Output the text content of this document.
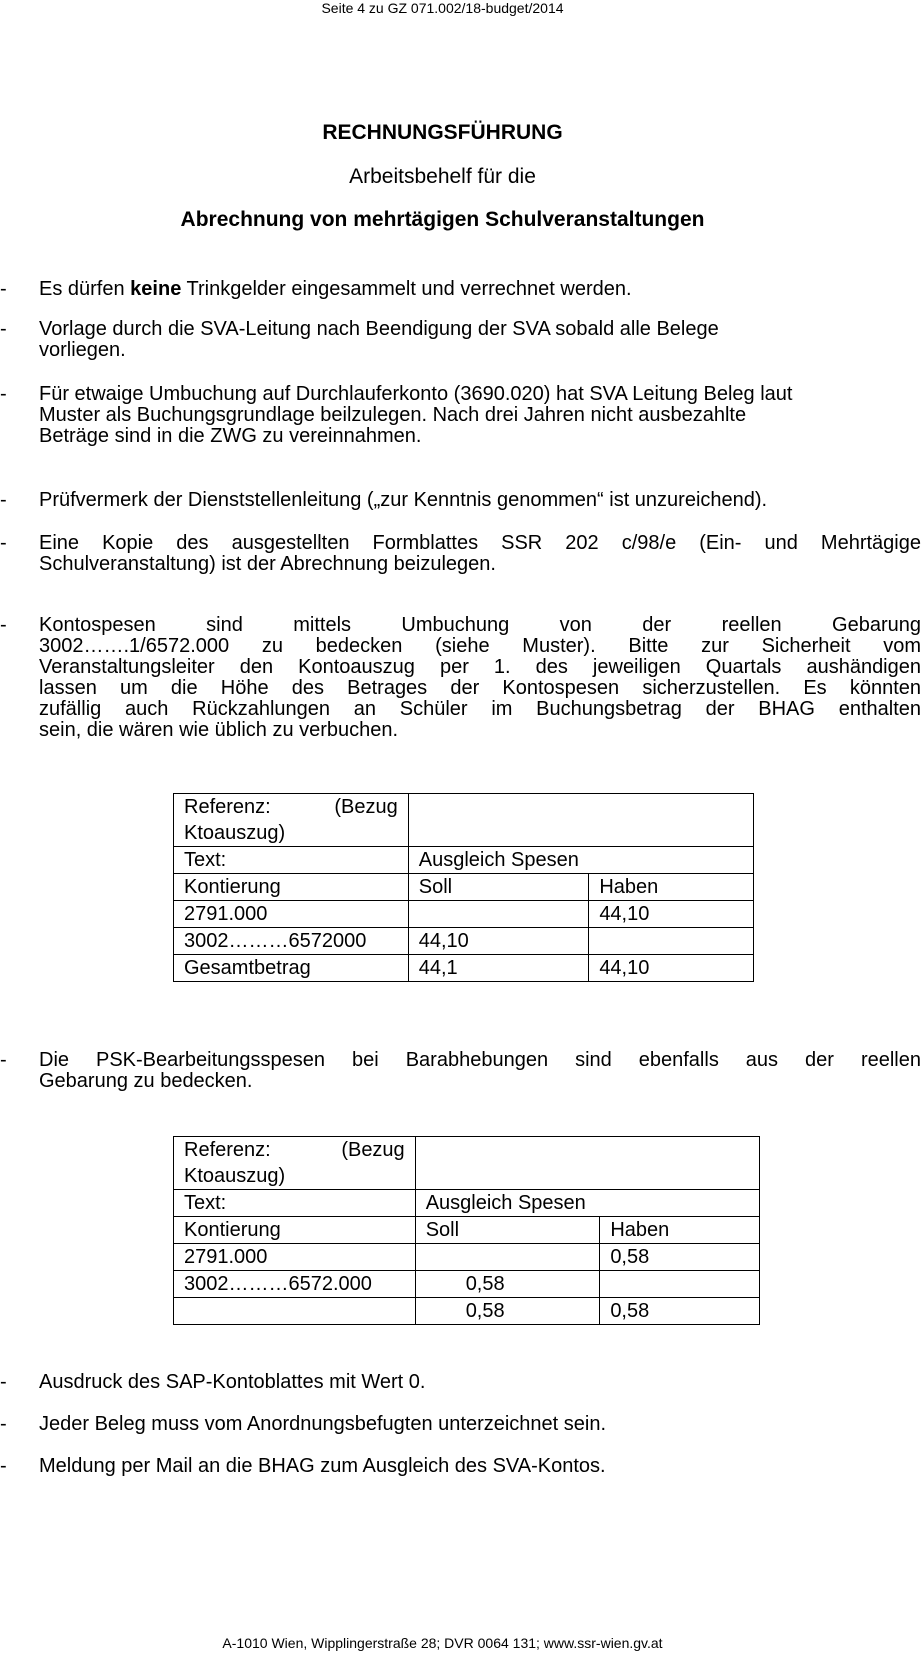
Seite 4 zu GZ 071.002/18-budget/2014
RECHNUNGSFÜHRUNG
Arbeitsbehelf für die
Abrechnung von mehrtägigen Schulveranstaltungen
- Es dürfen keine Trinkgelder eingesammelt und verrechnet werden.
- Vorlage durch die SVA-Leitung nach Beendigung der SVA sobald alle Belege
vorliegen.
- Für etwaige Umbuchung auf Durchlauferkonto (3690.020) hat SVA Leitung Beleg laut
Muster als Buchungsgrundlage beilzulegen. Nach drei Jahren nicht ausbezahlte
Beträge sind in die ZWG zu vereinnahmen.
- Prüfvermerk der Dienststellenleitung („zur Kenntnis genommen“ ist unzureichend).
- Eine Kopie des ausgestellten Formblattes SSR 202 c/98/e (Ein- und Mehrtägige
Schulveranstaltung) ist der Abrechnung beizulegen.
- Kontospesen sind mittels Umbuchung von der reellen Gebarung
3002…….1/6572.000 zu bedecken (siehe Muster). Bitte zur Sicherheit vom
Veranstaltungsleiter den Kontoauszug per 1. des jeweiligen Quartals aushändigen
lassen um die Höhe des Betrages der Kontospesen sicherzustellen. Es könnten
zufällig auch Rückzahlungen an Schüler im Buchungsbetrag der BHAG enthalten
sein, die wären wie üblich zu verbuchen.
Referenz: (Bezug
Ktoauszug)		

Text:	Ausgleich Spesen	
Kontierung	Soll	Haben
2791.000		44,10
3002………6572000	44,10	
Gesamtbetrag	44,1	44,10
- Die PSK-Bearbeitungsspesen bei Barabhebungen sind ebenfalls aus der reellen
Gebarung zu bedecken.
Referenz: (Bezug
Ktoauszug)		

Text:	Ausgleich Spesen	
Kontierung	Soll	Haben
2791.000		0,58
3002………6572.000	0,58	
	0,58	0,58
- Ausdruck des SAP-Kontoblattes mit Wert 0.
- Jeder Beleg muss vom Anordnungsbefugten unterzeichnet sein.
- Meldung per Mail an die BHAG zum Ausgleich des SVA-Kontos.
A-1010 Wien, Wipplingerstraße 28; DVR 0064 131; www.ssr-wien.gv.at
